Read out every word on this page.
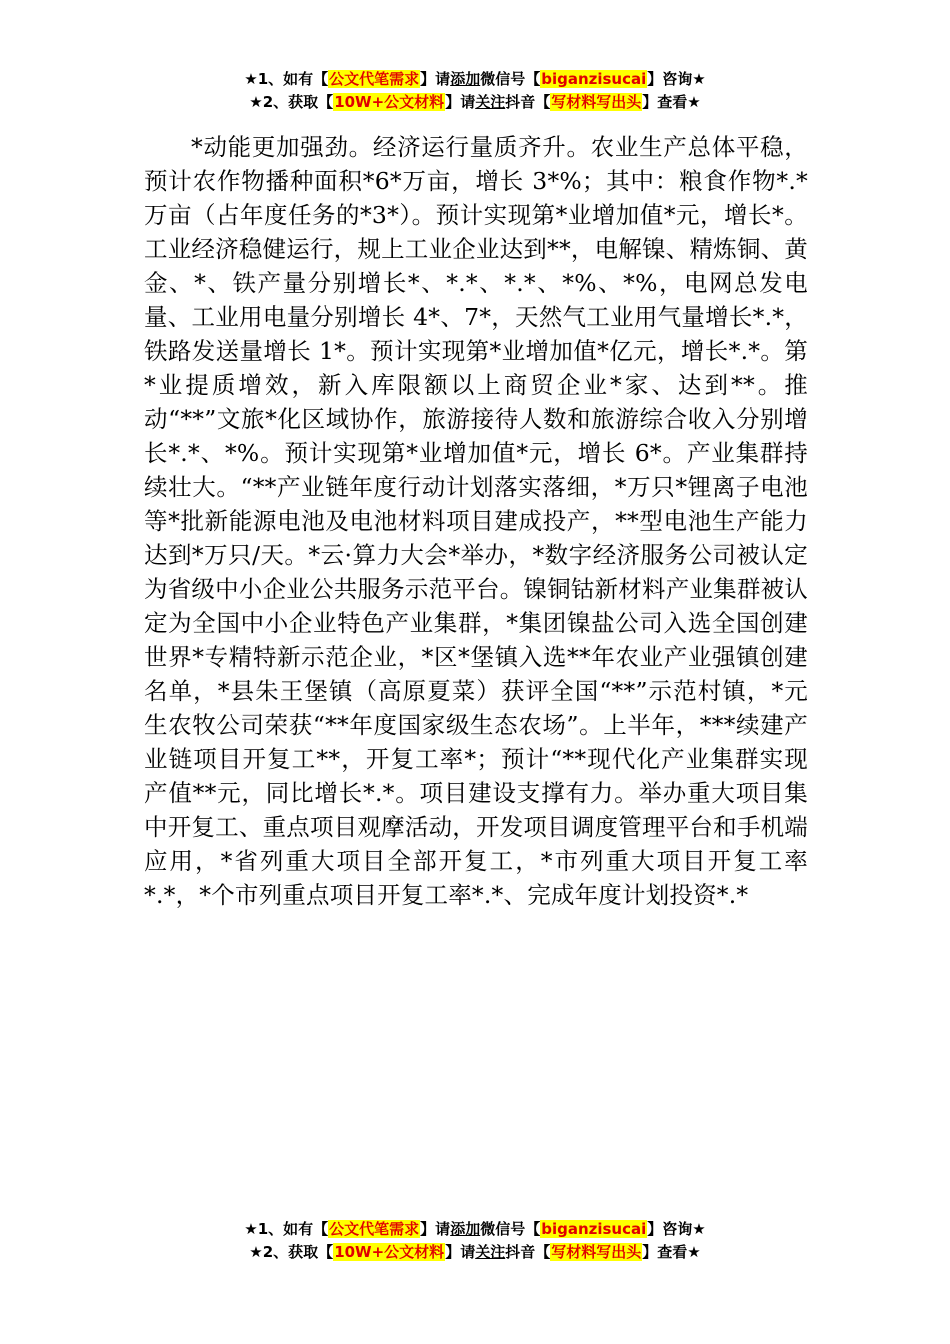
★1、如有【公文代笔需求】请添加微信号【biganzisucai】咨询★
★2、获取【10W+公文材料】请关注抖音【写材料写出头】查看★

*动能更加强劲。经济运行量质齐升。农业生产总体平稳，预计农作物播种面积*6*万亩，增长 3*%；其中：粮食作物*.*万亩（占年度任务的*3*）。预计实现第*业增加值*元，增长*。工业经济稳健运行，规上工业企业达到**，电解镍、精炼铜、黄金、*、铁产量分别增长*、*.*、*.*、*%、*%，电网总发电量、工业用电量分别增长 4*、7*，天然气工业用气量增长*.*，铁路发送量增长 1*。预计实现第*业增加值*亿元，增长*.*。第*业提质增效，新入库限额以上商贸企业*家、达到**。推动“**”文旅*化区域协作，旅游接待人数和旅游综合收入分别增长*.*、*%。预计实现第*业增加值*元，增长 6*。产业集群持续壮大。“**产业链年度行动计划落实落细，*万只*锂离子电池等*批新能源电池及电池材料项目建成投产，**型电池生产能力达到*万只/天。*云·算力大会*举办，*数字经济服务公司被认定为省级中小企业公共服务示范平台。镍铜钴新材料产业集群被认定为全国中小企业特色产业集群，*集团镍盐公司入选全国创建世界*专精特新示范企业，*区*堡镇入选**年农业产业强镇创建名单，*县朱王堡镇（高原夏菜）获评全国“**”示范村镇，*元生农牧公司荣获“**年度国家级生态农场”。上半年，***续建产业链项目开复工**，开复工率*；预计“**现代化产业集群实现产值**元，同比增长*.*。项目建设支撑有力。举办重大项目集中开复工、重点项目观摩活动，开发项目调度管理平台和手机端应用，*省列重大项目全部开复工，*市列重大项目开复工率*.*，*个市列重点项目开复工率*.*、完成年度计划投资*.*

★1、如有【公文代笔需求】请添加微信号【biganzisucai】咨询★
★2、获取【10W+公文材料】请关注抖音【写材料写出头】查看★
